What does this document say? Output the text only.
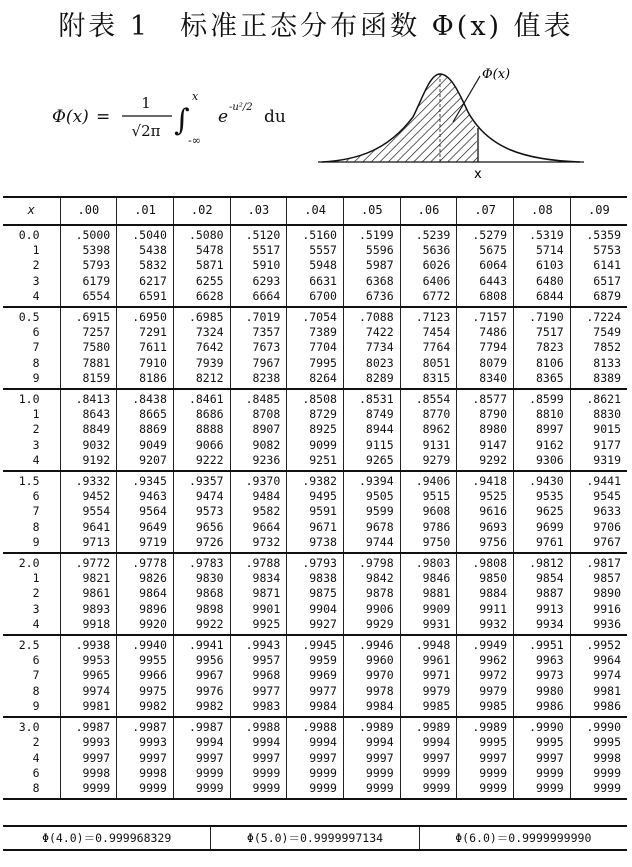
附表 1　标准正态分布函数 Φ(x) 值表
Φ(x) =
1
√2π ∫
x
-∞
e -u²/2 du
Φ(x)
x
x	.00	.01	.02	.03	.04	.05	.06	.07	.08	.09
0.0	.5000	.5040	.5080	.5120	.5160	.5199	.5239	.5279	.5319	.5359
1	5398	5438	5478	5517	5557	5596	5636	5675	5714	5753
2	5793	5832	5871	5910	5948	5987	6026	6064	6103	6141
3	6179	6217	6255	6293	6631	6368	6406	6443	6480	6517
4	6554	6591	6628	6664	6700	6736	6772	6808	6844	6879
0.5	.6915	.6950	.6985	.7019	.7054	.7088	.7123	.7157	.7190	.7224
6	7257	7291	7324	7357	7389	7422	7454	7486	7517	7549
7	7580	7611	7642	7673	7704	7734	7764	7794	7823	7852
8	7881	7910	7939	7967	7995	8023	8051	8079	8106	8133
9	8159	8186	8212	8238	8264	8289	8315	8340	8365	8389
1.0	.8413	.8438	.8461	.8485	.8508	.8531	.8554	.8577	.8599	.8621
1	8643	8665	8686	8708	8729	8749	8770	8790	8810	8830
2	8849	8869	8888	8907	8925	8944	8962	8980	8997	9015
3	9032	9049	9066	9082	9099	9115	9131	9147	9162	9177
4	9192	9207	9222	9236	9251	9265	9279	9292	9306	9319
1.5	.9332	.9345	.9357	.9370	.9382	.9394	.9406	.9418	.9430	.9441
6	9452	9463	9474	9484	9495	9505	9515	9525	9535	9545
7	9554	9564	9573	9582	9591	9599	9608	9616	9625	9633
8	9641	9649	9656	9664	9671	9678	9786	9693	9699	9706
9	9713	9719	9726	9732	9738	9744	9750	9756	9761	9767
2.0	.9772	.9778	.9783	.9788	.9793	.9798	.9803	.9808	.9812	.9817
1	9821	9826	9830	9834	9838	9842	9846	9850	9854	9857
2	9861	9864	9868	9871	9875	9878	9881	9884	9887	9890
3	9893	9896	9898	9901	9904	9906	9909	9911	9913	9916
4	9918	9920	9922	9925	9927	9929	9931	9932	9934	9936
2.5	.9938	.9940	.9941	.9943	.9945	.9946	.9948	.9949	.9951	.9952
6	9953	9955	9956	9957	9959	9960	9961	9962	9963	9964
7	9965	9966	9967	9968	9969	9970	9971	9972	9973	9974
8	9974	9975	9976	9977	9977	9978	9979	9979	9980	9981
9	9981	9982	9982	9983	9984	9984	9985	9985	9986	9986
3.0	.9987	.9987	.9987	.9988	.9988	.9989	.9989	.9989	.9990	.9990
2	9993	9993	9994	9994	9994	9994	9994	9995	9995	9995
4	9997	9997	9997	9997	9997	9997	9997	9997	9997	9998
6	9998	9998	9999	9999	9999	9999	9999	9999	9999	9999
8	9999	9999	9999	9999	9999	9999	9999	9999	9999	9999
Φ(4.0)＝0.999968329	Φ(5.0)＝0.9999997134	Φ(6.0)＝0.9999999990
